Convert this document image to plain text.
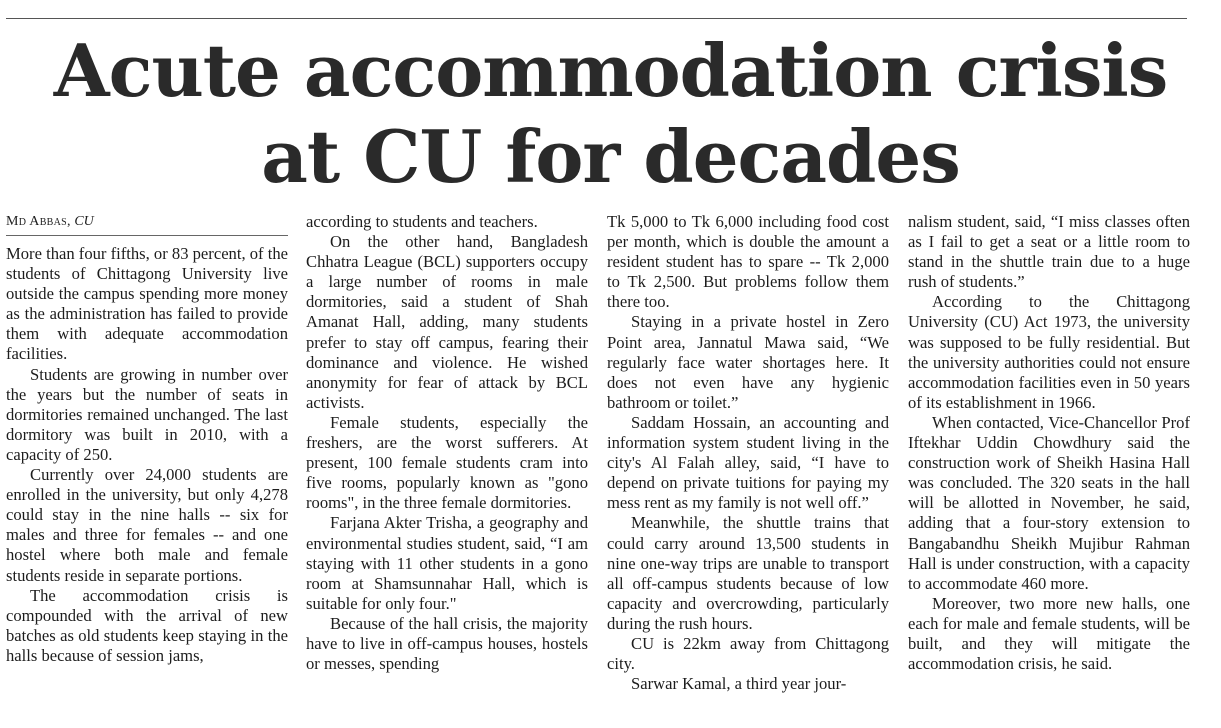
Acute accommodation crisis
at CU for decades
Md Abbas, CU

More than four fifths, or 83 percent, of the students of Chittagong University live outside the campus spending more money as the administration has failed to provide them with adequate accommodation facilities.

Students are growing in number over the years but the number of seats in dormitories remained unchanged. The last dormitory was built in 2010, with a capacity of 250.

Currently over 24,000 students are enrolled in the university, but only 4,278 could stay in the nine halls -- six for males and three for females -- and one hostel where both male and female students reside in separate portions.

The accommodation crisis is compounded with the arrival of new batches as old students keep staying in the halls because of session jams,

according to students and teachers.

On the other hand, Bangladesh Chhatra League (BCL) supporters occupy a large number of rooms in male dormitories, said a student of Shah Amanat Hall, adding, many students prefer to stay off campus, fearing their dominance and violence. He wished anonymity for fear of attack by BCL activists.

Female students, especially the freshers, are the worst sufferers. At present, 100 female students cram into five rooms, popularly known as "gono rooms", in the three female dormitories.

Farjana Akter Trisha, a geography and environmental studies student, said, “I am staying with 11 other students in a gono room at Shamsunnahar Hall, which is suitable for only four."

Because of the hall crisis, the majority have to live in off-campus houses, hostels or messes, spending

Tk 5,000 to Tk 6,000 including food cost per month, which is double the amount a resident student has to spare -- Tk 2,000 to Tk 2,500. But problems follow them there too.

Staying in a private hostel in Zero Point area, Jannatul Mawa said, “We regularly face water shortages here. It does not even have any hygienic bathroom or toilet.”

Saddam Hossain, an accounting and information system student living in the city's Al Falah alley, said, “I have to depend on private tuitions for paying my mess rent as my family is not well off.”

Meanwhile, the shuttle trains that could carry around 13,500 students in nine one-way trips are unable to transport all off-campus students because of low capacity and overcrowding, particularly during the rush hours.

CU is 22km away from Chittagong city.

Sarwar Kamal, a third year jour-

nalism student, said, “I miss classes often as I fail to get a seat or a little room to stand in the shuttle train due to a huge rush of students.”

According to the Chittagong University (CU) Act 1973, the university was supposed to be fully residential. But the university authorities could not ensure accommodation facilities even in 50 years of its establishment in 1966.

When contacted, Vice-Chancellor Prof Iftekhar Uddin Chowdhury said the construction work of Sheikh Hasina Hall was concluded. The 320 seats in the hall will be allotted in November, he said, adding that a four-story extension to Bangabandhu Sheikh Mujibur Rahman Hall is under construction, with a capacity to accommodate 460 more.

Moreover, two more new halls, one each for male and female students, will be built, and they will mitigate the accommodation crisis, he said.
